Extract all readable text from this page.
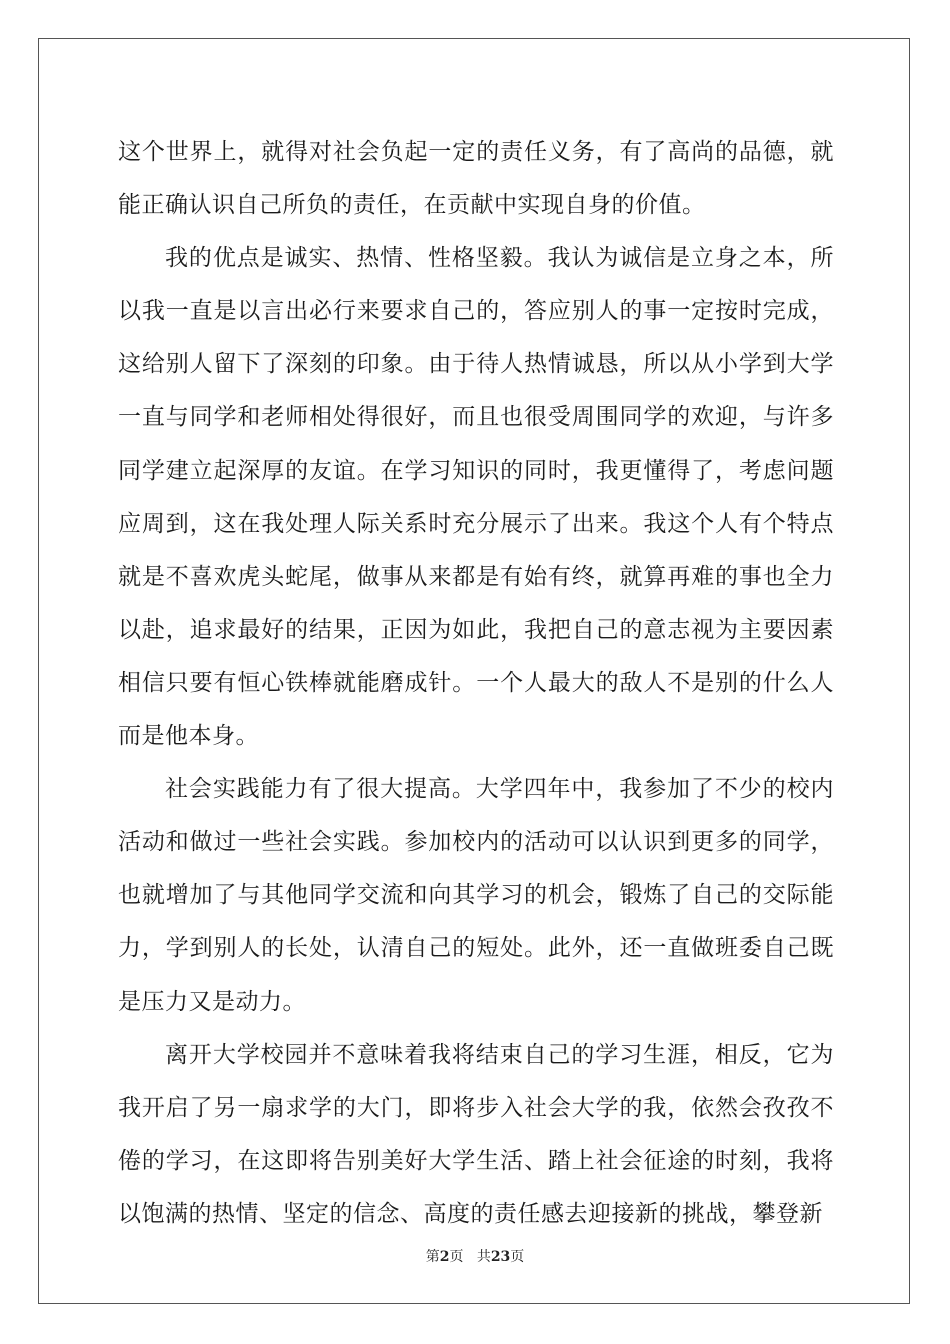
这个世界上，就得对社会负起一定的责任义务，有了高尚的品德，就
能正确认识自己所负的责任，在贡献中实现自身的价值。
我的优点是诚实、热情、性格坚毅。我认为诚信是立身之本，所
以我一直是以言出必行来要求自己的，答应别人的事一定按时完成，
这给别人留下了深刻的印象。由于待人热情诚恳，所以从小学到大学
一直与同学和老师相处得很好，而且也很受周围同学的欢迎，与许多
同学建立起深厚的友谊。在学习知识的同时，我更懂得了，考虑问题
应周到，这在我处理人际关系时充分展示了出来。我这个人有个特点
就是不喜欢虎头蛇尾，做事从来都是有始有终，就算再难的事也全力
以赴，追求最好的结果，正因为如此，我把自己的意志视为主要因素
相信只要有恒心铁棒就能磨成针。一个人最大的敌人不是别的什么人
而是他本身。
社会实践能力有了很大提高。大学四年中，我参加了不少的校内
活动和做过一些社会实践。参加校内的活动可以认识到更多的同学，
也就增加了与其他同学交流和向其学习的机会，锻炼了自己的交际能
力，学到别人的长处，认清自己的短处。此外，还一直做班委自己既
是压力又是动力。
离开大学校园并不意味着我将结束自己的学习生涯，相反，它为
我开启了另一扇求学的大门，即将步入社会大学的我，依然会孜孜不
倦的学习，在这即将告别美好大学生活、踏上社会征途的时刻，我将
以饱满的热情、坚定的信念、高度的责任感去迎接新的挑战，攀登新
第2页 共23页
